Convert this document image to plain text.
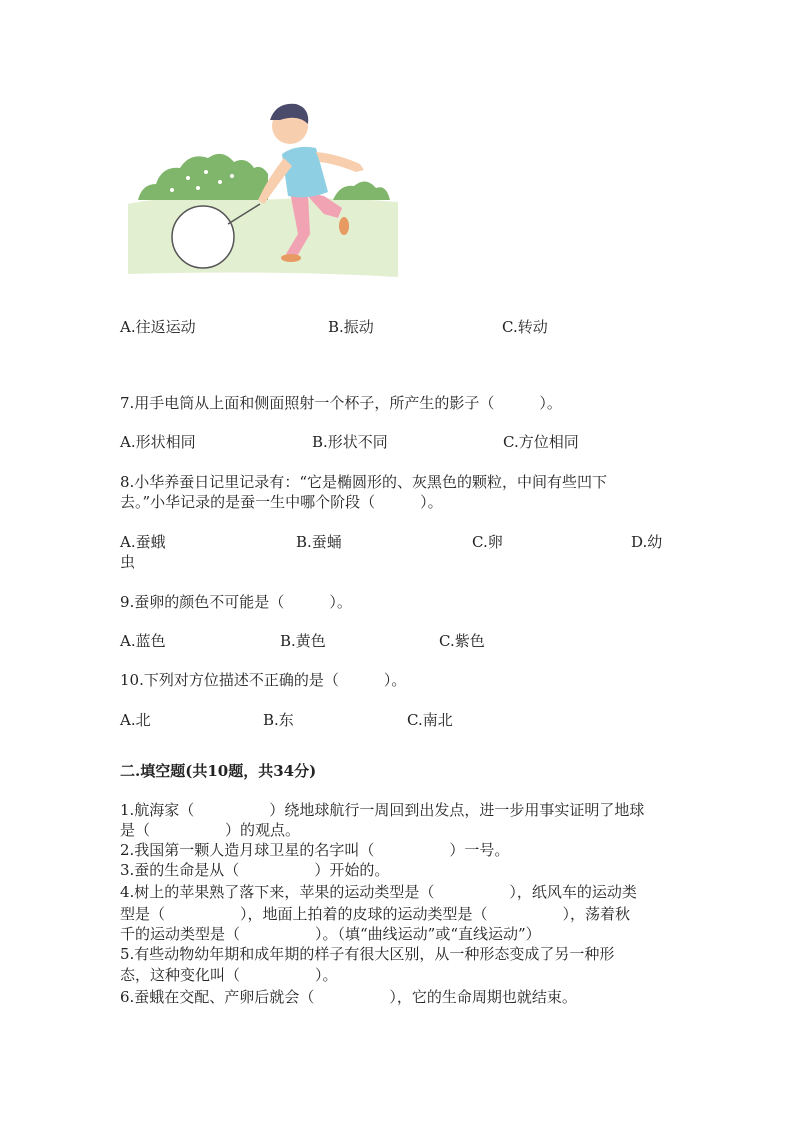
A.往返运动	B.振动	C.转动
7.用手电筒从上面和侧面照射一个杯子，所产生的影子（　　　）。
A.形状相同	B.形状不同	C.方位相同
8.小华养蚕日记里记录有：“它是椭圆形的、灰黑色的颗粒，中间有些凹下
去。”小华记录的是蚕一生中哪个阶段（　　　）。
A.蚕蛾	B.蚕蛹	C.卵	D.幼
虫
9.蚕卵的颜色不可能是（　　　）。
A.蓝色	B.黄色	C.紫色
10.下列对方位描述不正确的是（　　　）。
A.北	B.东	C.南北
二.填空题(共10题，共34分)
1.航海家（　　　　　）绕地球航行一周回到出发点，进一步用事实证明了地球
是（　　　　　）的观点。
2.我国第一颗人造月球卫星的名字叫（　　　　　）一号。
3.蚕的生命是从（　　　　　）开始的。
4.树上的苹果熟了落下来，苹果的运动类型是（　　　　　），纸风车的运动类
型是（　　　　　），地面上拍着的皮球的运动类型是（　　　　　），荡着秋
千的运动类型是（　　　　　）。（填“曲线运动”或“直线运动”）
5.有些动物幼年期和成年期的样子有很大区别，从一种形态变成了另一种形
态，这种变化叫（　　　　　）。
6.蚕蛾在交配、产卵后就会（　　　　　），它的生命周期也就结束。
